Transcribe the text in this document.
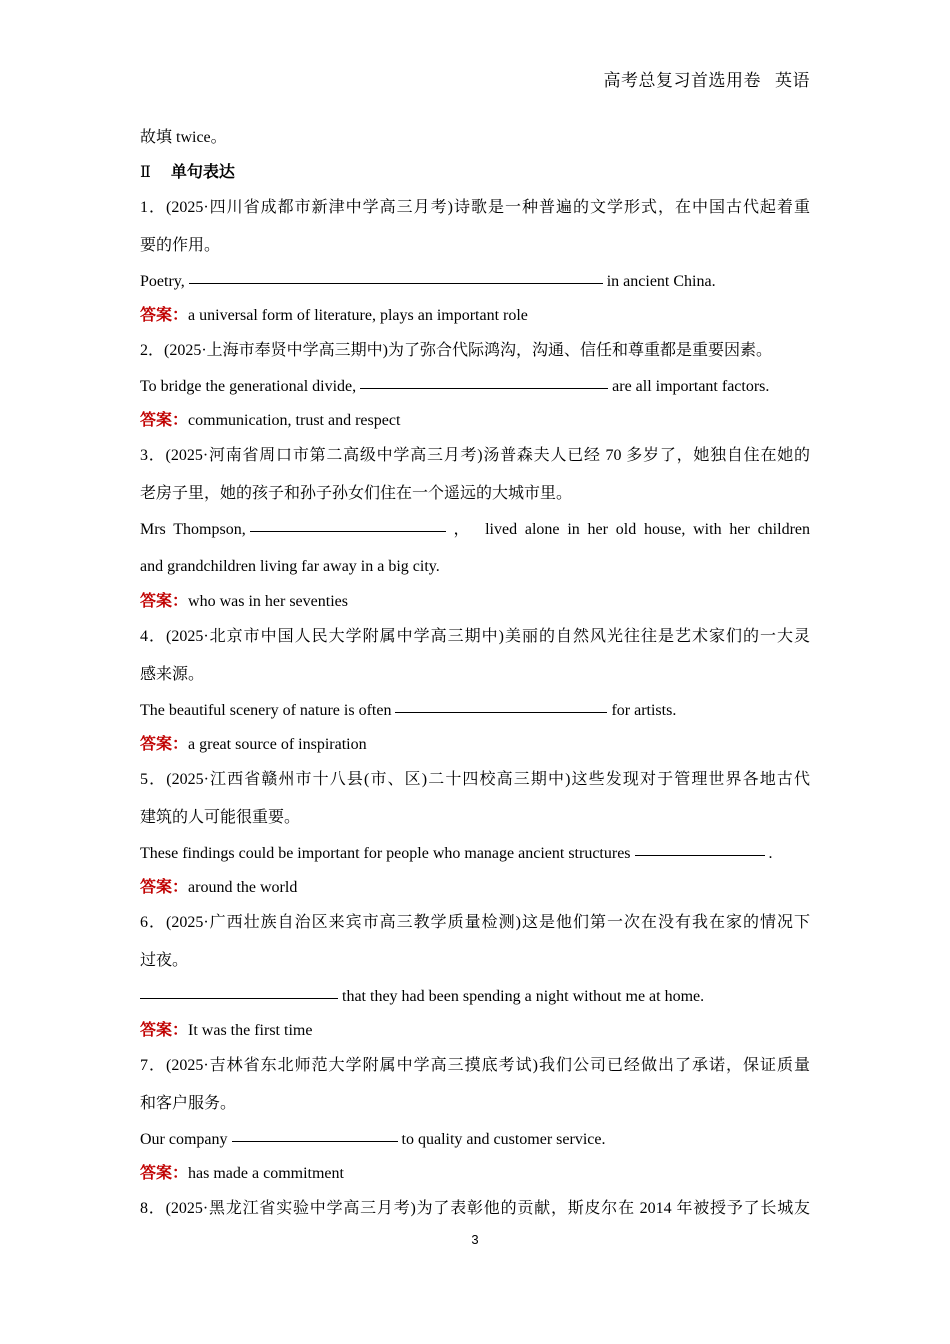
高考总复习首选用卷 英语
故填 twice。
Ⅱ 单句表达
1．(2025·四川省成都市新津中学高三月考)诗歌是一种普遍的文学形式，在中国古代起着重
要的作用。
Poetry,	in ancient China.
答案：a universal form of literature, plays an important role
2．(2025·上海市奉贤中学高三期中)为了弥合代际鸿沟，沟通、信任和尊重都是重要因素。
To bridge the generational divide,	are all important factors.
答案：communication, trust and respect
3．(2025·河南省周口市第二高级中学高三月考)汤普森夫人已经 70 多岁了，她独自住在她的
老房子里，她的孩子和孙子孙女们住在一个遥远的大城市里。
Mrs Thompson,	，　lived alone in her old house, with her children
and grandchildren living far away in a big city.
答案：who was in her seventies
4．(2025·北京市中国人民大学附属中学高三期中)美丽的自然风光往往是艺术家们的一大灵
感来源。
The beautiful scenery of nature is often	for artists.
答案：a great source of inspiration
5．(2025·江西省赣州市十八县(市、区)二十四校高三期中)这些发现对于管理世界各地古代
建筑的人可能很重要。
These findings could be important for people who manage ancient structures	.
答案：around the world
6．(2025·广西壮族自治区来宾市高三教学质量检测)这是他们第一次在没有我在家的情况下
过夜。
that they had been spending a night without me at home.
答案：It was the first time
7．(2025·吉林省东北师范大学附属中学高三摸底考试)我们公司已经做出了承诺，保证质量
和客户服务。
Our company	to quality and customer service.
答案：has made a commitment
8．(2025·黑龙江省实验中学高三月考)为了表彰他的贡献，斯皮尔在 2014 年被授予了长城友
3
